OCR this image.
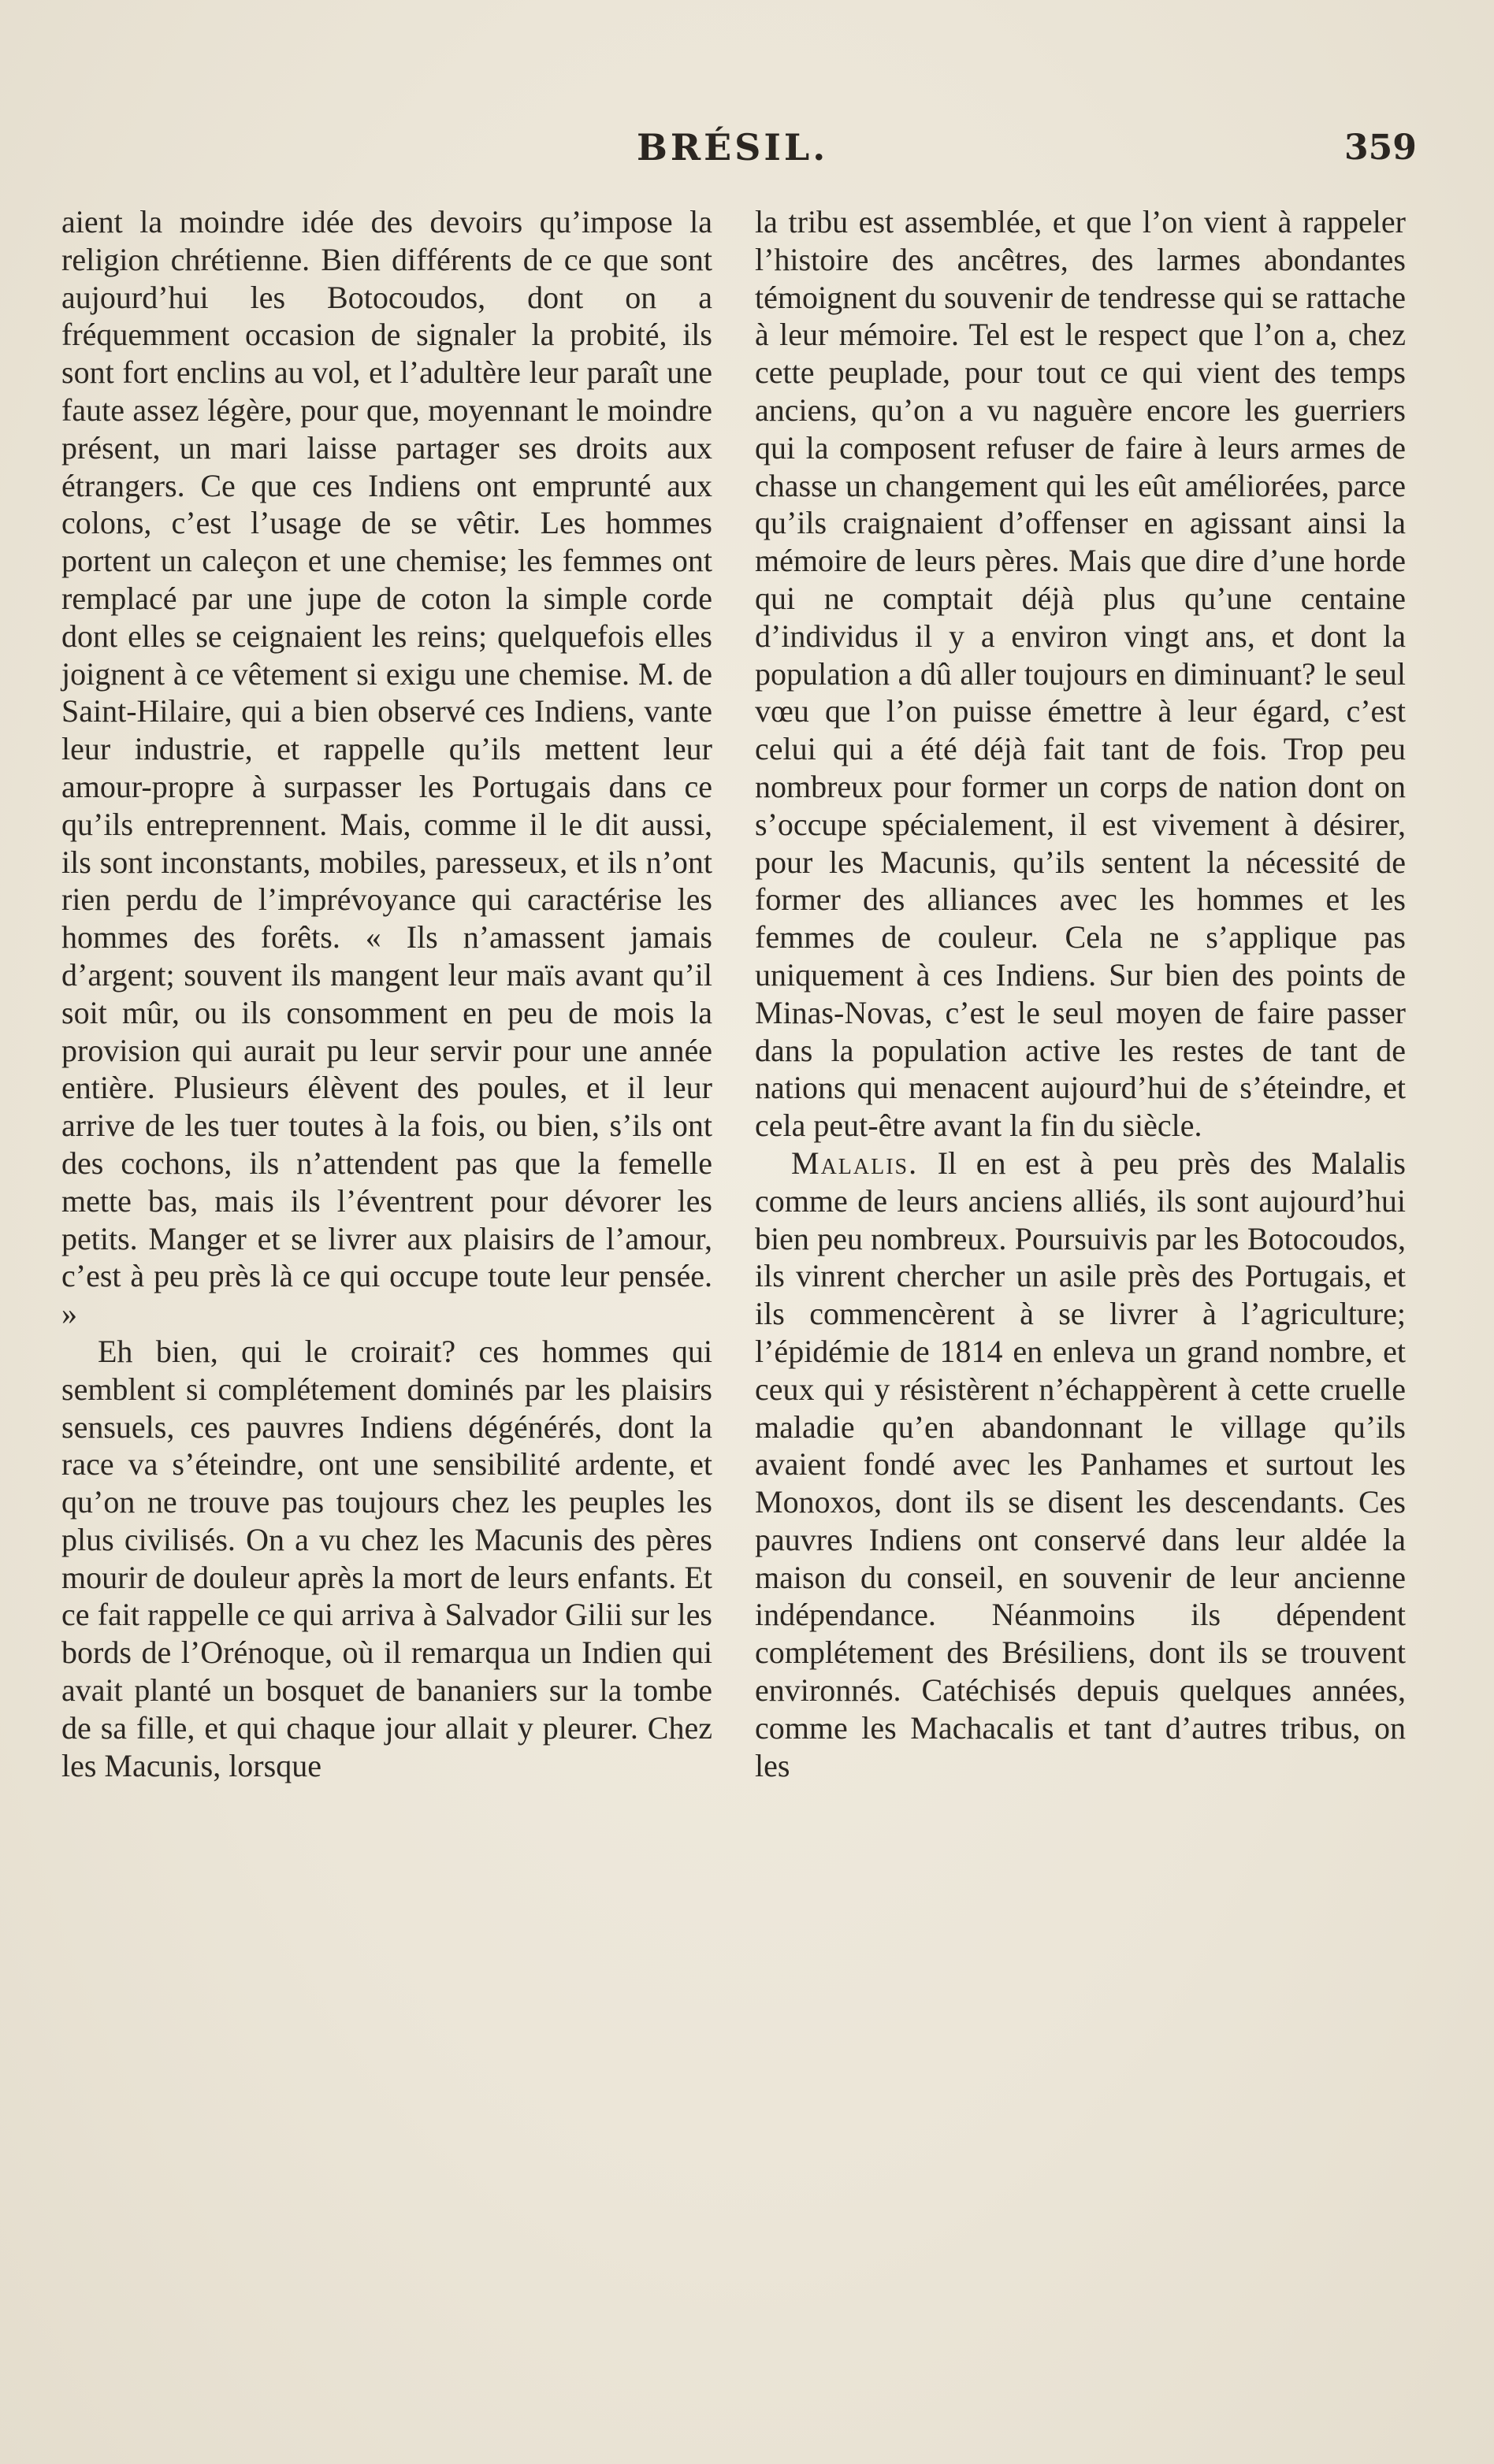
BRÉSIL.	359

aient la moindre idée des devoirs qu’impose la religion chrétienne. Bien différents de ce que sont aujourd’hui les Botocoudos, dont on a fréquemment occasion de signaler la probité, ils sont fort enclins au vol, et l’adultère leur paraît une faute assez légère, pour que, moyennant le moindre présent, un mari laisse partager ses droits aux étrangers. Ce que ces Indiens ont emprunté aux colons, c’est l’usage de se vêtir. Les hommes portent un caleçon et une chemise; les femmes ont remplacé par une jupe de coton la simple corde dont elles se ceignaient les reins; quelquefois elles joignent à ce vêtement si exigu une chemise. M. de Saint-Hilaire, qui a bien observé ces Indiens, vante leur industrie, et rappelle qu’ils mettent leur amour-propre à surpasser les Portugais dans ce qu’ils entreprennent. Mais, comme il le dit aussi, ils sont inconstants, mobiles, paresseux, et ils n’ont rien perdu de l’imprévoyance qui caractérise les hommes des forêts. « Ils n’amassent jamais d’argent; souvent ils mangent leur maïs avant qu’il soit mûr, ou ils consomment en peu de mois la provision qui aurait pu leur servir pour une année entière. Plusieurs élèvent des poules, et il leur arrive de les tuer toutes à la fois, ou bien, s’ils ont des cochons, ils n’attendent pas que la femelle mette bas, mais ils l’éventrent pour dévorer les petits. Manger et se livrer aux plaisirs de l’amour, c’est à peu près là ce qui occupe toute leur pensée. »

Eh bien, qui le croirait? ces hommes qui semblent si complétement dominés par les plaisirs sensuels, ces pauvres Indiens dégénérés, dont la race va s’éteindre, ont une sensibilité ardente, et qu’on ne trouve pas toujours chez les peuples les plus civilisés. On a vu chez les Macunis des pères mourir de douleur après la mort de leurs enfants. Et ce fait rappelle ce qui arriva à Salvador Gilii sur les bords de l’Orénoque, où il remarqua un Indien qui avait planté un bosquet de bananiers sur la tombe de sa fille, et qui chaque jour allait y pleurer. Chez les Macunis, lorsque

la tribu est assemblée, et que l’on vient à rappeler l’histoire des ancêtres, des larmes abondantes témoignent du souvenir de tendresse qui se rattache à leur mémoire. Tel est le respect que l’on a, chez cette peuplade, pour tout ce qui vient des temps anciens, qu’on a vu naguère encore les guerriers qui la composent refuser de faire à leurs armes de chasse un changement qui les eût améliorées, parce qu’ils craignaient d’offenser en agissant ainsi la mémoire de leurs pères. Mais que dire d’une horde qui ne comptait déjà plus qu’une centaine d’individus il y a environ vingt ans, et dont la population a dû aller toujours en diminuant? le seul vœu que l’on puisse émettre à leur égard, c’est celui qui a été déjà fait tant de fois. Trop peu nombreux pour former un corps de nation dont on s’occupe spécialement, il est vivement à désirer, pour les Macunis, qu’ils sentent la nécessité de former des alliances avec les hommes et les femmes de couleur. Cela ne s’applique pas uniquement à ces Indiens. Sur bien des points de Minas-Novas, c’est le seul moyen de faire passer dans la population active les restes de tant de nations qui menacent aujourd’hui de s’éteindre, et cela peut-être avant la fin du siècle.

Malalis. Il en est à peu près des Malalis comme de leurs anciens alliés, ils sont aujourd’hui bien peu nombreux. Poursuivis par les Botocoudos, ils vinrent chercher un asile près des Portugais, et ils commencèrent à se livrer à l’agriculture; l’épidémie de 1814 en enleva un grand nombre, et ceux qui y résistèrent n’échappèrent à cette cruelle maladie qu’en abandonnant le village qu’ils avaient fondé avec les Panhames et surtout les Monoxos, dont ils se disent les descendants. Ces pauvres Indiens ont conservé dans leur aldée la maison du conseil, en souvenir de leur ancienne indépendance. Néanmoins ils dépendent complétement des Brésiliens, dont ils se trouvent environnés. Catéchisés depuis quelques années, comme les Machacalis et tant d’autres tribus, on les
